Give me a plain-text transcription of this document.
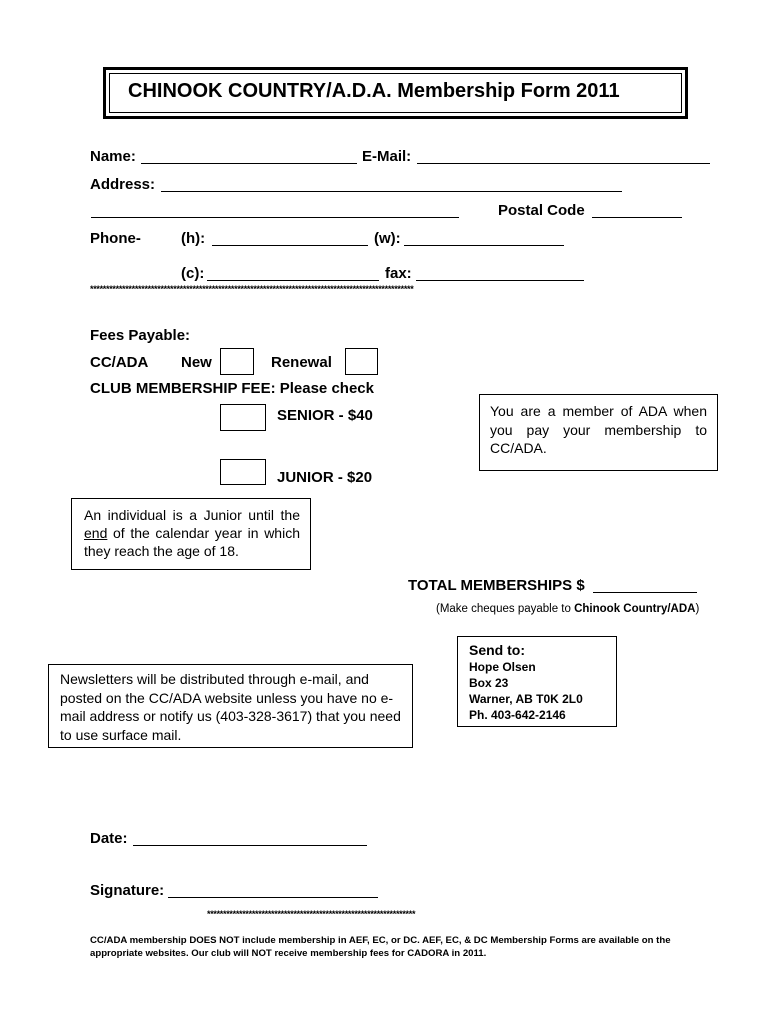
CHINOOK COUNTRY/A.D.A. Membership Form 2011
Name:	E-Mail:
Address:
Postal Code
Phone-	(h):	(w):
(c):	fax:
*****************************************************************************************************
Fees Payable:
CC/ADA New	Renewal
CLUB MEMBERSHIP FEE: Please check
SENIOR - $40
JUNIOR - $20
You are a member of ADA when you pay your membership to CC/ADA.
An individual is a Junior until the end of the calendar year in which they reach the age of 18.
TOTAL MEMBERSHIPS $
(Make cheques payable to Chinook Country/ADA)
Send to:
Hope Olsen
Box 23
Warner, AB T0K 2L0
Ph. 403-642-2146
Newsletters will be distributed through e-mail, and posted on the CC/ADA website unless you have no e-mail address or notify us (403-328-3617) that you need to use surface mail.
Date:
Signature:
*****************************************************************
CC/ADA membership DOES NOT include membership in AEF, EC, or DC. AEF, EC, & DC Membership Forms are available on the appropriate websites. Our club will NOT receive membership fees for CADORA in 2011.
